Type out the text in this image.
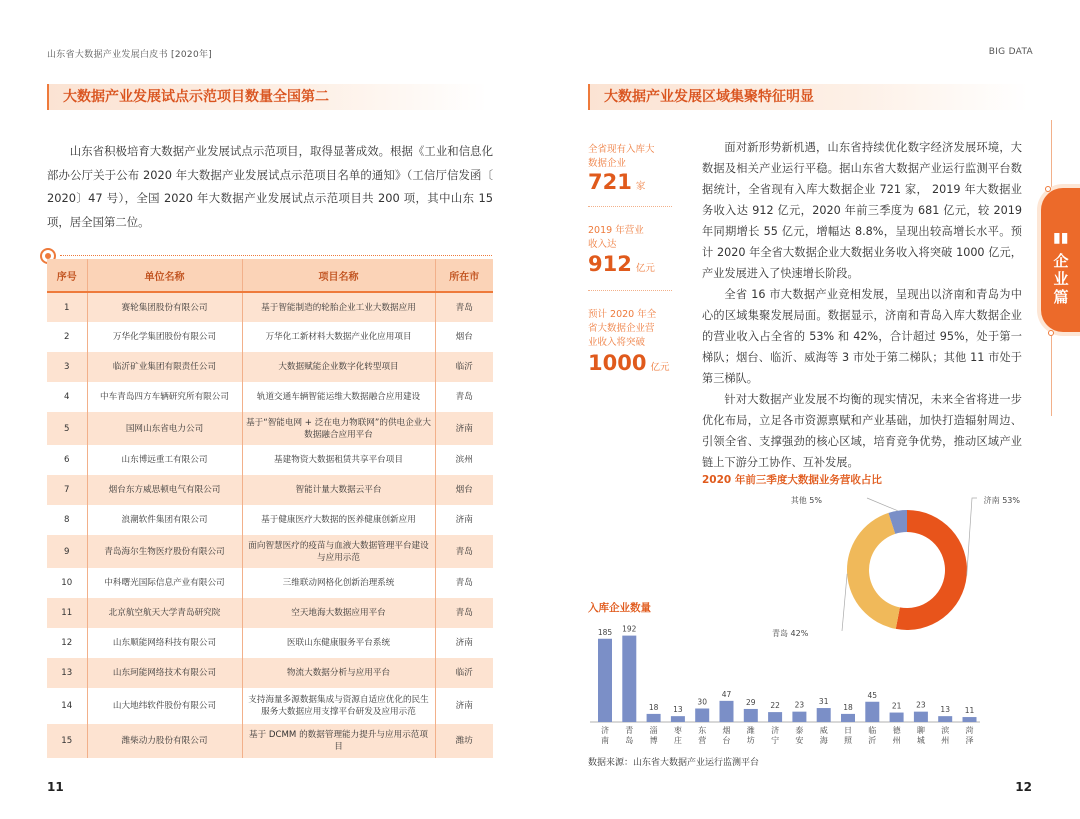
山东省大数据产业发展白皮书 [2020年]
大数据产业发展试点示范项目数量全国第二
山东省积极培育大数据产业发展试点示范项目，取得显著成效。根据《工业和信息化部办公厅关于公布 2020 年大数据产业发展试点示范项目名单的通知》（工信厅信发函〔 2020〕47 号），全国 2020 年大数据产业发展试点示范项目共 200 项，其中山东 15 项，居全国第二位。
序号	单位名称	项目名称	所在市
1	赛轮集团股份有限公司	基于智能制造的轮胎企业工业大数据应用	青岛
2	万华化学集团股份有限公司	万华化工新材料大数据产业化应用项目	烟台
3	临沂矿业集团有限责任公司	大数据赋能企业数字化转型项目	临沂
4	中车青岛四方车辆研究所有限公司	轨道交通车辆智能运维大数据融合应用建设	青岛
5	国网山东省电力公司	基于“智能电网 + 泛在电力物联网”的供电企业大数据融合应用平台	济南
6	山东博远重工有限公司	基建物资大数据租赁共享平台项目	滨州
7	烟台东方威思顿电气有限公司	智能计量大数据云平台	烟台
8	浪潮软件集团有限公司	基于健康医疗大数据的医养健康创新应用	济南
9	青岛海尔生物医疗股份有限公司	面向智慧医疗的疫苗与血液大数据管理平台建设与应用示范	青岛
10	中科曙光国际信息产业有限公司	三维联动网格化创新治理系统	青岛
11	北京航空航天大学青岛研究院	空天地海大数据应用平台	青岛
12	山东顺能网络科技有限公司	医联山东健康服务平台系统	济南
13	山东珂能网络技术有限公司	物流大数据分析与应用平台	临沂
14	山大地纬软件股份有限公司	支持海量多源数据集成与资源自适应优化的民生服务大数据应用支撑平台研发及应用示范	济南
15	潍柴动力股份有限公司	基于 DCMM 的数据管理能力提升与应用示范项目	潍坊
11
BIG DATA
大数据产业发展区域集聚特征明显
全省现有入库大数据企业
721 家
2019 年营业收入达
912 亿元
预计 2020 年全省大数据企业营业收入将突破
1000 亿元

面对新形势新机遇，山东省持续优化数字经济发展环境，大数据及相关产业运行平稳。据山东省大数据产业运行监测平台数据统计，全省现有入库大数据企业 721 家， 2019 年大数据业务收入达 912 亿元，2020 年前三季度为 681 亿元，较 2019 年同期增长 55 亿元，增幅达 8.8%，呈现出较高增长水平。预计 2020 年全省大数据企业大数据业务收入将突破 1000 亿元，产业发展进入了快速增长阶段。

全省 16 市大数据产业竞相发展，呈现出以济南和青岛为中心的区域集聚发展局面。数据显示，济南和青岛入库大数据企业的营业收入占全省的 53% 和 42%，合计超过 95%，处于第一梯队；烟台、临沂、威海等 3 市处于第二梯队；其他 11 市处于第三梯队。

针对大数据产业发展不均衡的现实情况，未来全省将进一步优化布局，立足各市资源禀赋和产业基础，加快打造辐射周边、引领全省、支撑强劲的核心区域，培育竞争优势，推动区域产业链上下游分工协作、互补发展。

2020 年前三季度大数据业务营收占比
济南 53%
青岛 42%
其他 5%
入库企业数量
185
济南
192
青岛
18
淄博
13
枣庄
30
东营
47
烟台
29
潍坊
22
济宁
23
泰安
31
威海
18
日照
45
临沂
21
德州
23
聊城
13
滨州
11
菏泽
数据来源：山东省大数据产业运行监测平台
▮▮
企业篇
12
